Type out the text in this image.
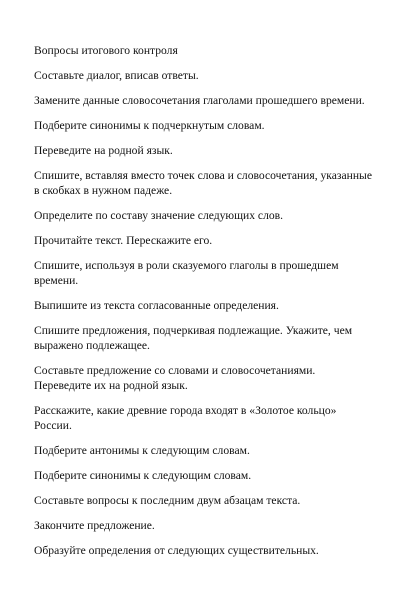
Вопросы итогового контроля
Составьте диалог, вписав ответы.
Замените данные словосочетания глаголами прошедшего времени.
Подберите синонимы к подчеркнутым словам.
Переведите на родной язык.
Спишите, вставляя вместо точек слова и словосочетания, указанные в скобках в нужном падеже.
Определите по составу значение следующих слов.
Прочитайте текст. Перескажите его.
Спишите, используя в роли сказуемого глаголы в прошедшем времени.
Выпишите из текста согласованные определения.
Спишите предложения, подчеркивая подлежащие. Укажите, чем выражено подлежащее.
Составьте предложение со словами и словосочетаниями. Переведите их на родной язык.
Расскажите, какие древние города входят в «Золотое кольцо» России.
Подберите антонимы к следующим словам.
Подберите синонимы к следующим словам.
Составьте вопросы к последним двум абзацам текста.
Закончите предложение.
Образуйте определения от следующих существительных.
